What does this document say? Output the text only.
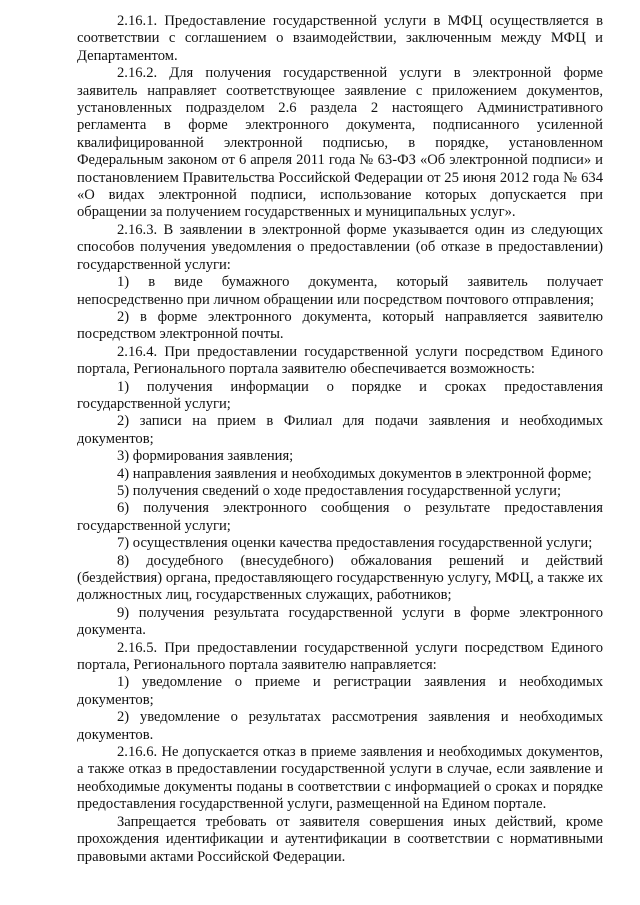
2.16.1. Предоставление государственной услуги в МФЦ осуществляется в соответствии с соглашением о взаимодействии, заключенным между МФЦ и Департаментом.

2.16.2. Для получения государственной услуги в электронной форме заявитель направляет соответствующее заявление с приложением документов, установленных подразделом 2.6 раздела 2 настоящего Административного регламента в форме электронного документа, подписанного усиленной квалифицированной электронной подписью, в порядке, установленном Федеральным законом от 6 апреля 2011 года № 63-ФЗ «Об электронной подписи» и постановлением Правительства Российской Федерации от 25 июня 2012 года № 634 «О видах электронной подписи, использование которых допускается при обращении за получением государственных и муниципальных услуг».

2.16.3. В заявлении в электронной форме указывается один из следующих способов получения уведомления о предоставлении (об отказе в предоставлении) государственной услуги:

1) в виде бумажного документа, который заявитель получает непосредственно при личном обращении или посредством почтового отправления;

2) в форме электронного документа, который направляется заявителю посредством электронной почты.

2.16.4. При предоставлении государственной услуги посредством Единого портала, Регионального портала заявителю обеспечивается возможность:

1) получения информации о порядке и сроках предоставления государственной услуги;

2) записи на прием в Филиал для подачи заявления и необходимых документов;

3) формирования заявления;

4) направления заявления и необходимых документов в электронной форме;

5) получения сведений о ходе предоставления государственной услуги;

6) получения электронного сообщения о результате предоставления государственной услуги;

7) осуществления оценки качества предоставления государственной услуги;

8) досудебного (внесудебного) обжалования решений и действий (бездействия) органа, предоставляющего государственную услугу, МФЦ, а также их должностных лиц, государственных служащих, работников;

9) получения результата государственной услуги в форме электронного документа.

2.16.5. При предоставлении государственной услуги посредством Единого портала, Регионального портала заявителю направляется:

1) уведомление о приеме и регистрации заявления и необходимых документов;

2) уведомление о результатах рассмотрения заявления и необходимых документов.

2.16.6. Не допускается отказ в приеме заявления и необходимых документов, а также отказ в предоставлении государственной услуги в случае, если заявление и необходимые документы поданы в соответствии с информацией о сроках и порядке предоставления государственной услуги, размещенной на Едином портале.

Запрещается требовать от заявителя совершения иных действий, кроме прохождения идентификации и аутентификации в соответствии с нормативными правовыми актами Российской Федерации.
